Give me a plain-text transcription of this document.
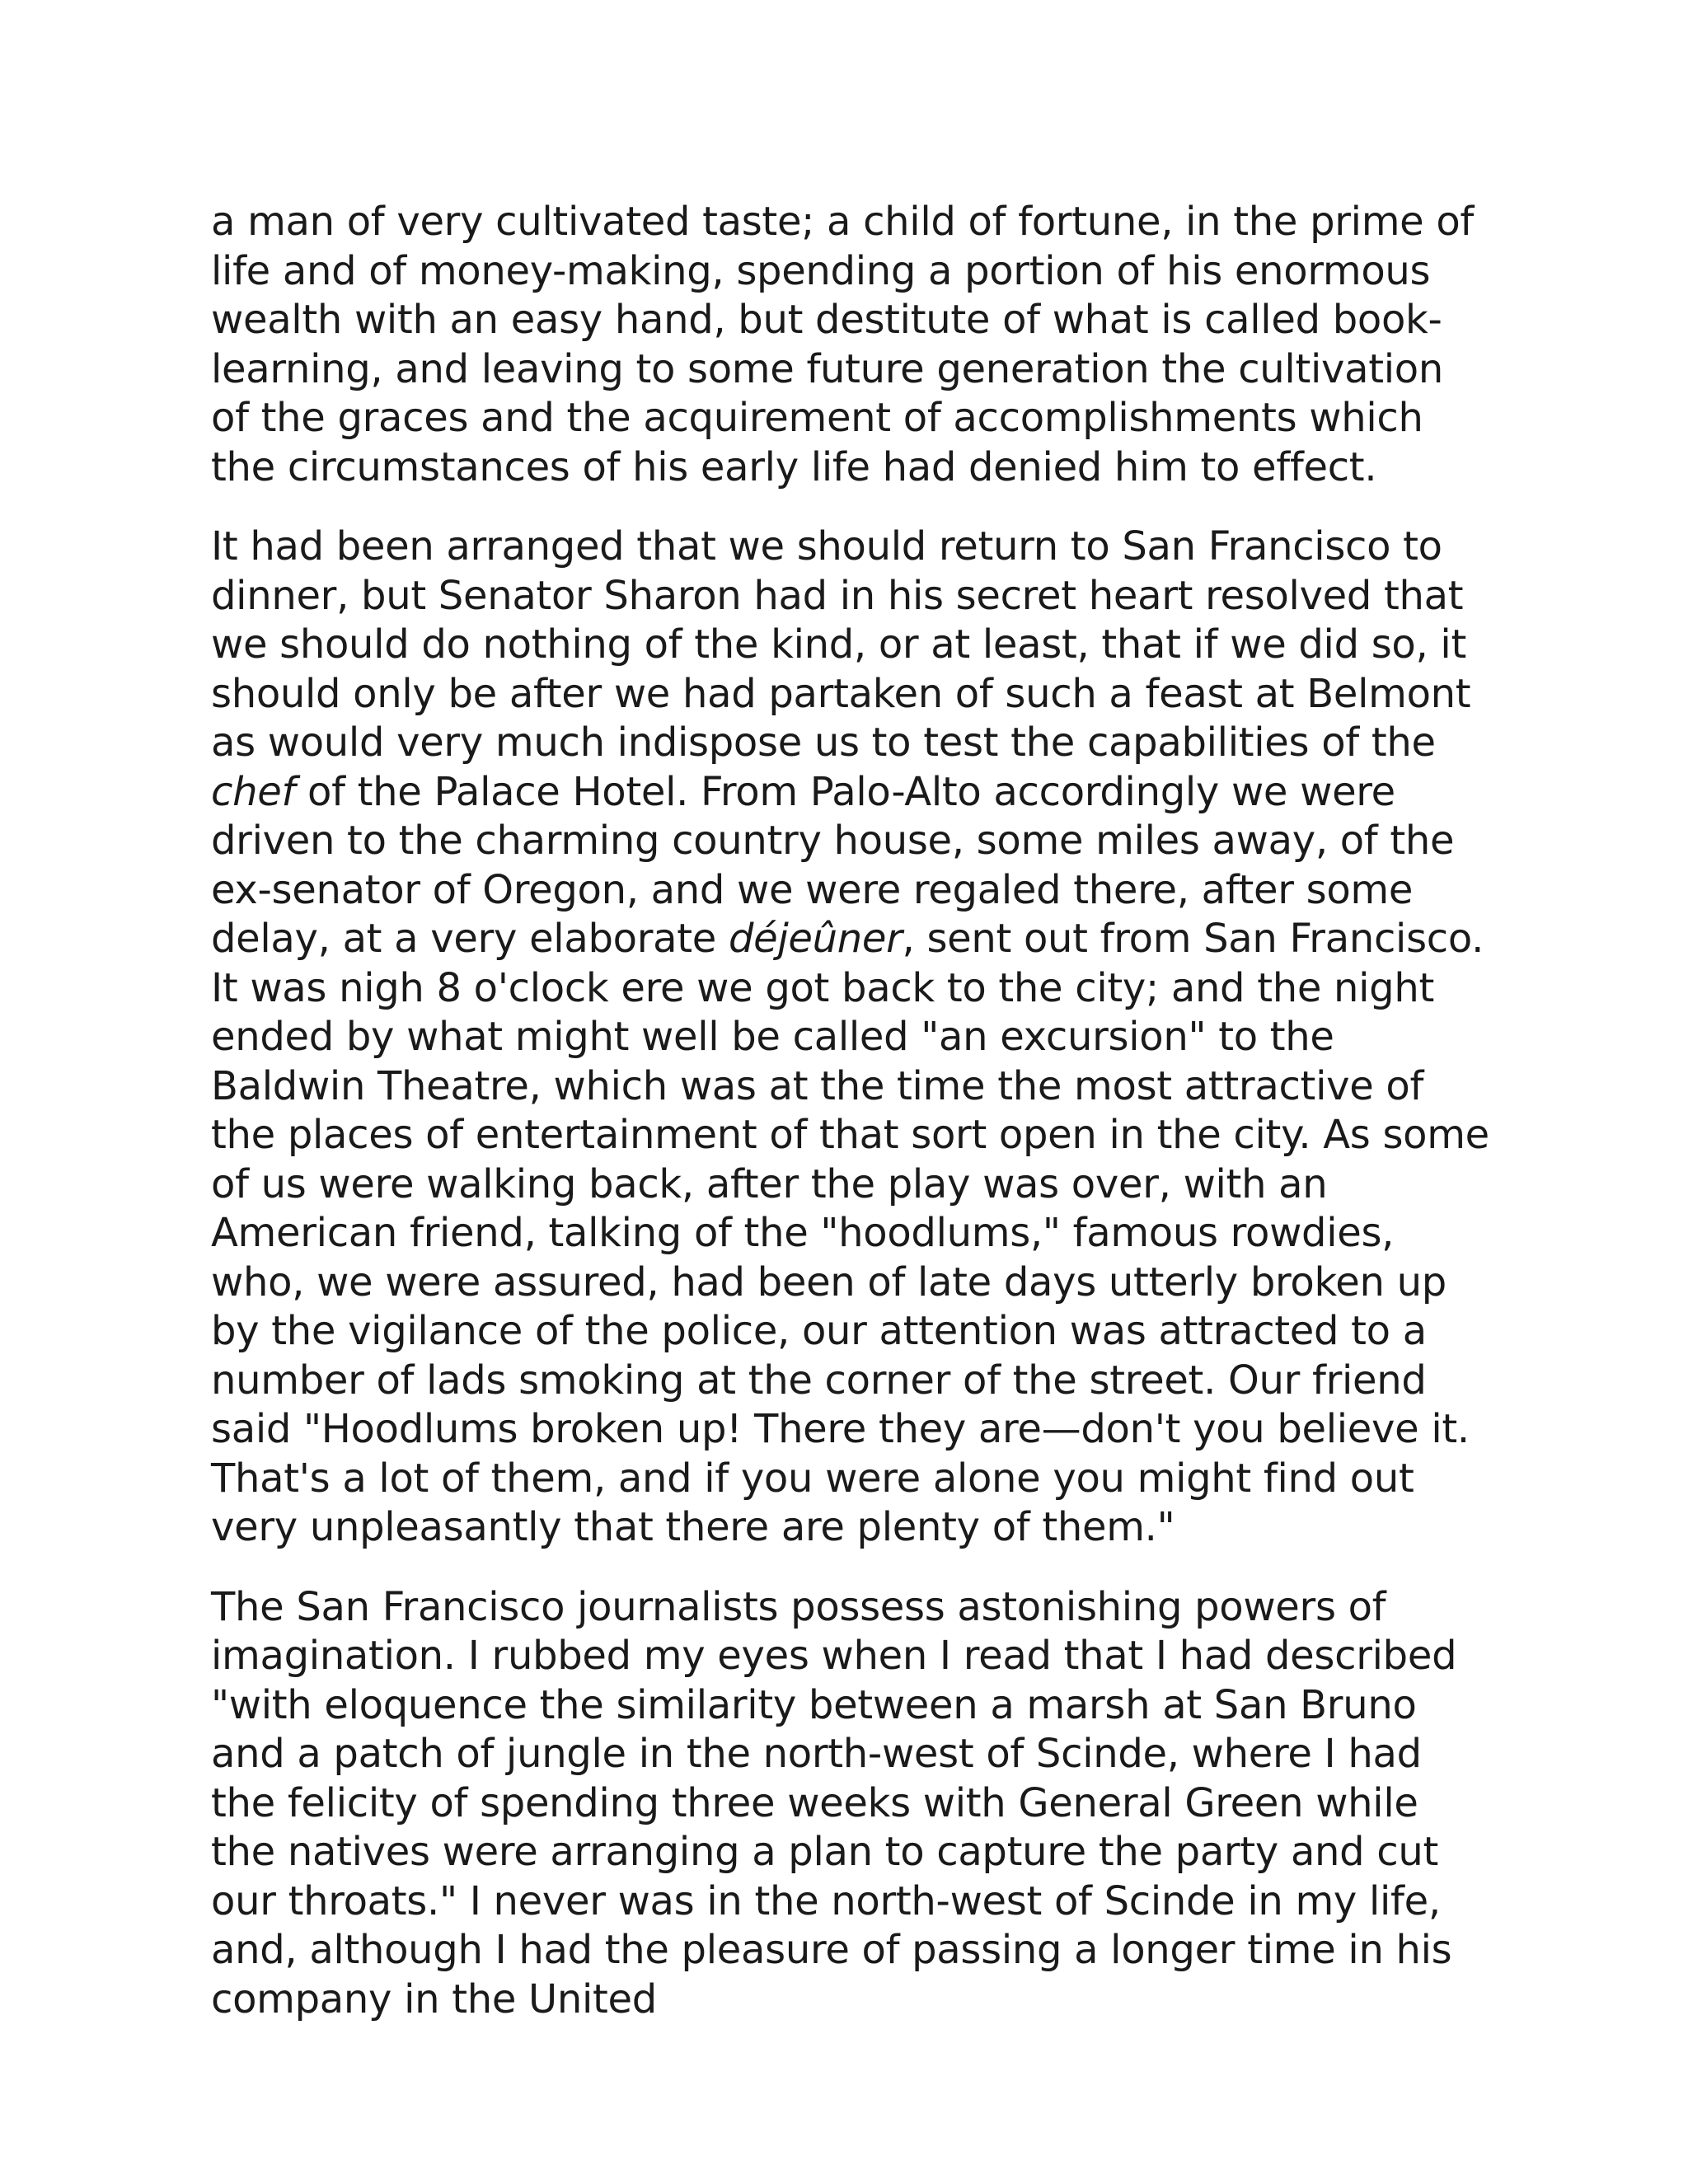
a man of very cultivated taste; a child of fortune, in the prime of life and of money-making, spending a portion of his enormous wealth with an easy hand, but destitute of what is called book-learning, and leaving to some future generation the cultivation of the graces and the acquirement of accomplishments which the circumstances of his early life had denied him to effect.

It had been arranged that we should return to San Francisco to dinner, but Senator Sharon had in his secret heart resolved that we should do nothing of the kind, or at least, that if we did so, it should only be after we had partaken of such a feast at Belmont as would very much indispose us to test the capabilities of the chef of the Palace Hotel. From Palo-Alto accordingly we were driven to the charming country house, some miles away, of the ex-senator of Oregon, and we were regaled there, after some delay, at a very elaborate déjeûner, sent out from San Francisco. It was nigh 8 o'clock ere we got back to the city; and the night ended by what might well be called "an excursion" to the Baldwin Theatre, which was at the time the most attractive of the places of entertainment of that sort open in the city. As some of us were walking back, after the play was over, with an American friend, talking of the "hoodlums," famous rowdies, who, we were assured, had been of late days utterly broken up by the vigilance of the police, our attention was attracted to a number of lads smoking at the corner of the street. Our friend said "Hoodlums broken up! There they are—don't you believe it. That's a lot of them, and if you were alone you might find out very unpleasantly that there are plenty of them."

The San Francisco journalists possess astonishing powers of imagination. I rubbed my eyes when I read that I had described "with eloquence the similarity between a marsh at San Bruno and a patch of jungle in the north-west of Scinde, where I had the felicity of spending three weeks with General Green while the natives were arranging a plan to capture the party and cut our throats." I never was in the north-west of Scinde in my life, and, although I had the pleasure of passing a longer time in his company in the United
